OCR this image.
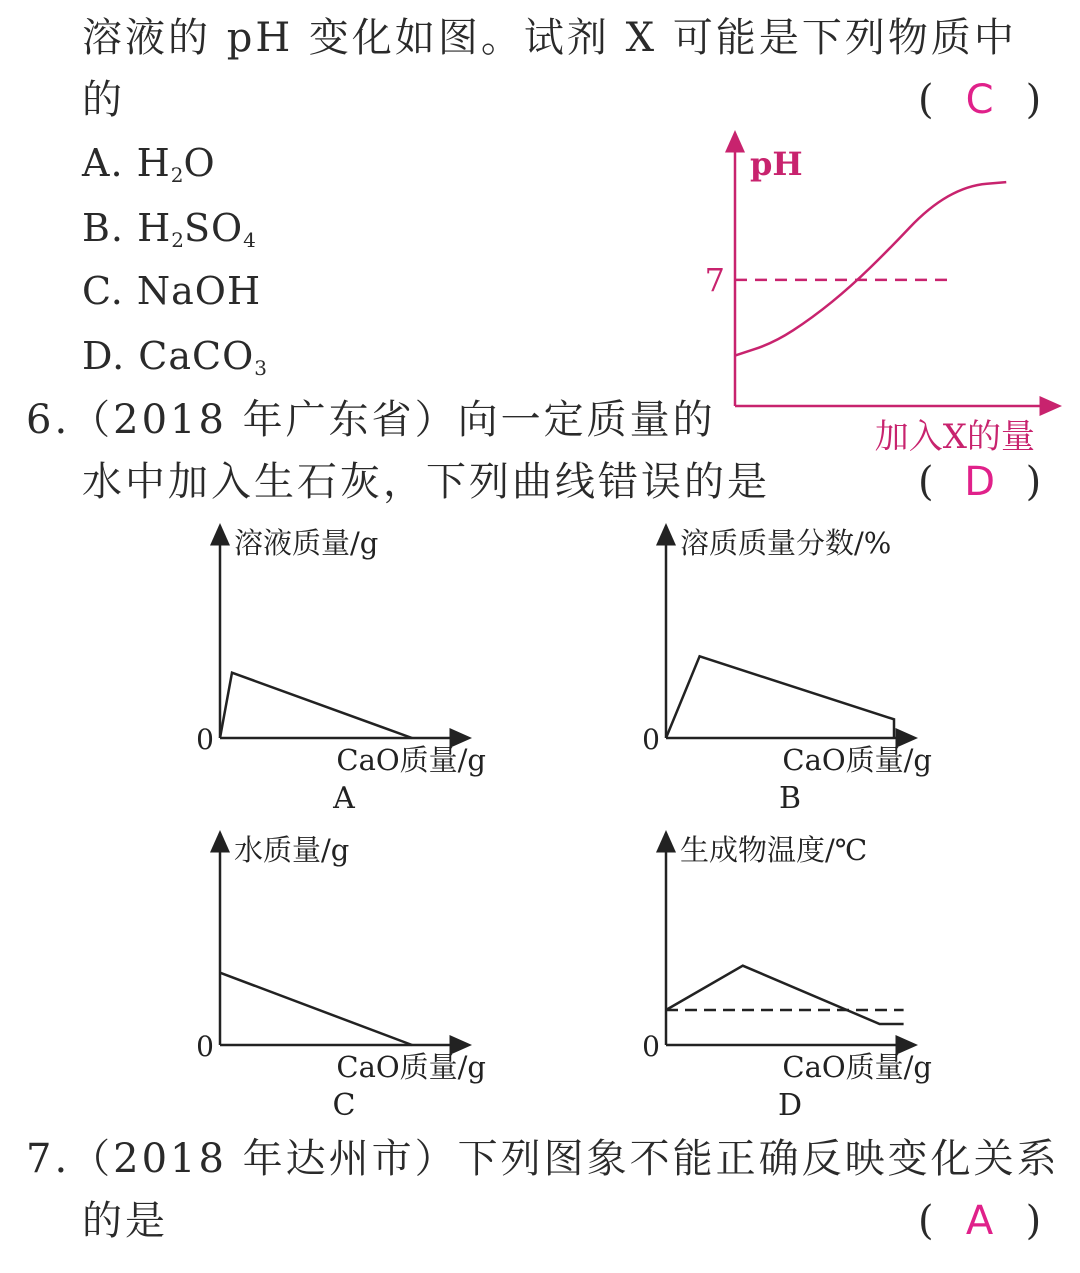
溶液的 pH 变化如图。试剂 X 可能是下列物质中
的	( C )
A. $H_2O$
B. $H_2SO_4$
C. NaOH
D. CaCO$_3$
pH
加入X的量
7
6.（2018 年广东省）向一定质量的
水中加入生石灰，下列曲线错误的是	( D )
溶液质量/g
CaO质量/g
0
A
溶质质量分数/%
CaO质量/g
0
B
水质量/g
CaO质量/g
0
C
生成物温度/℃
CaO质量/g
0
D
7.（2018 年达州市）下列图象不能正确反映变化关系
的是	( A )
